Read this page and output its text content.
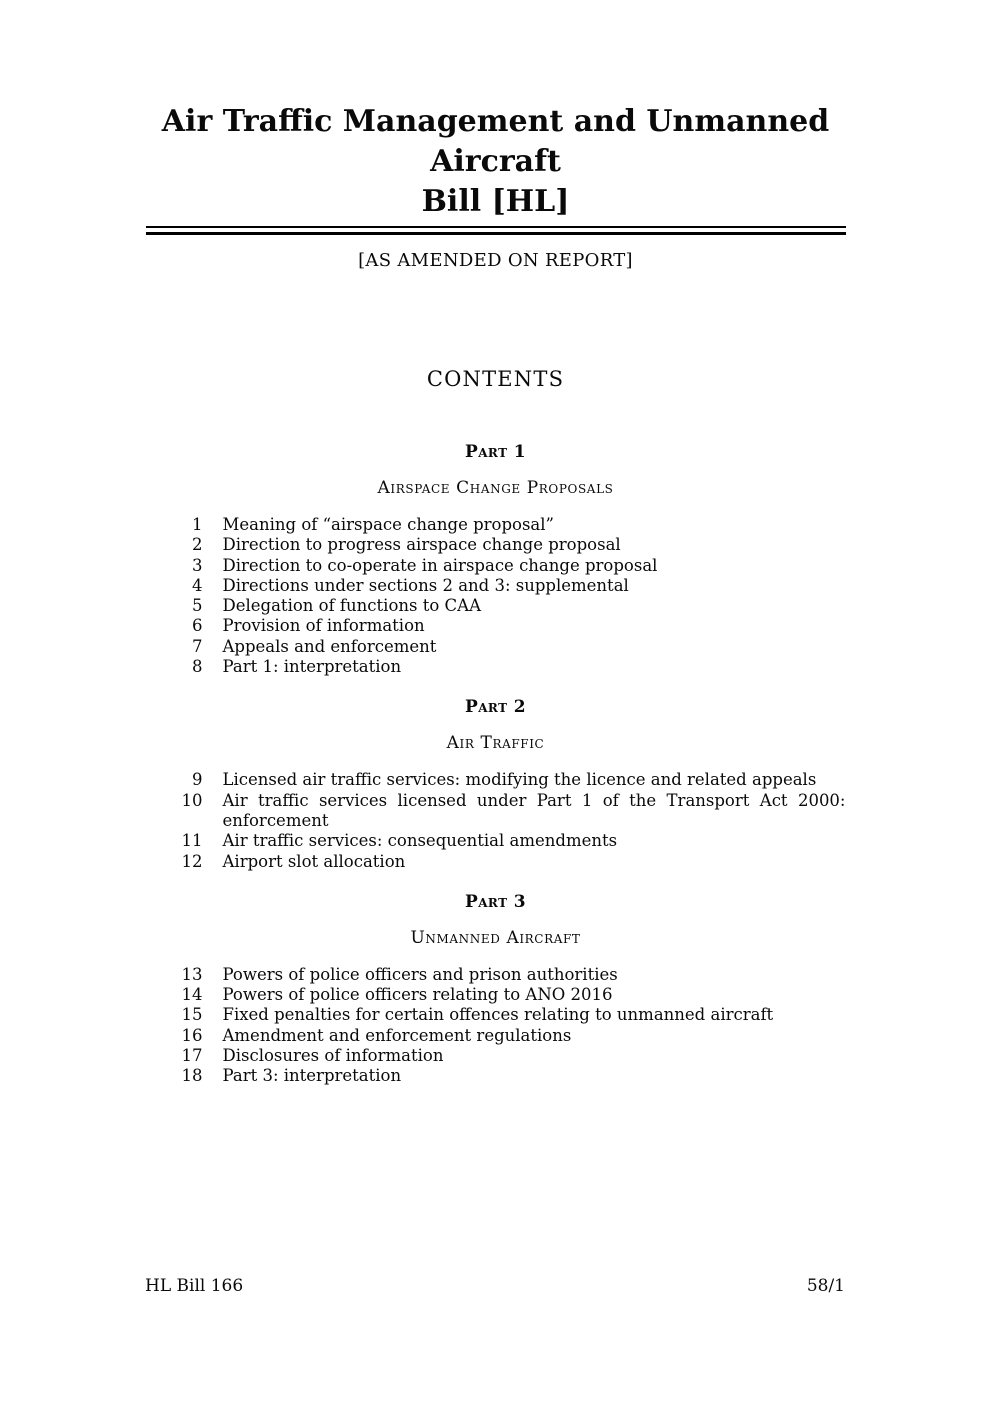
Air Traffic Management and Unmanned Aircraft
Bill [HL]
[AS AMENDED ON REPORT]
CONTENTS
Part 1
Airspace Change Proposals
1 Meaning of “airspace change proposal”
2 Direction to progress airspace change proposal
3 Direction to co-operate in airspace change proposal
4 Directions under sections 2 and 3: supplemental
5 Delegation of functions to CAA
6 Provision of information
7 Appeals and enforcement
8 Part 1: interpretation
Part 2
Air Traffic
9 Licensed air traffic services: modifying the licence and related appeals
10 Air traffic services licensed under Part 1 of the Transport Act 2000:
enforcement
11 Air traffic services: consequential amendments
12 Airport slot allocation
Part 3
Unmanned Aircraft
13 Powers of police officers and prison authorities
14 Powers of police officers relating to ANO 2016
15 Fixed penalties for certain offences relating to unmanned aircraft
16 Amendment and enforcement regulations
17 Disclosures of information
18 Part 3: interpretation
HL Bill 166	58/1
